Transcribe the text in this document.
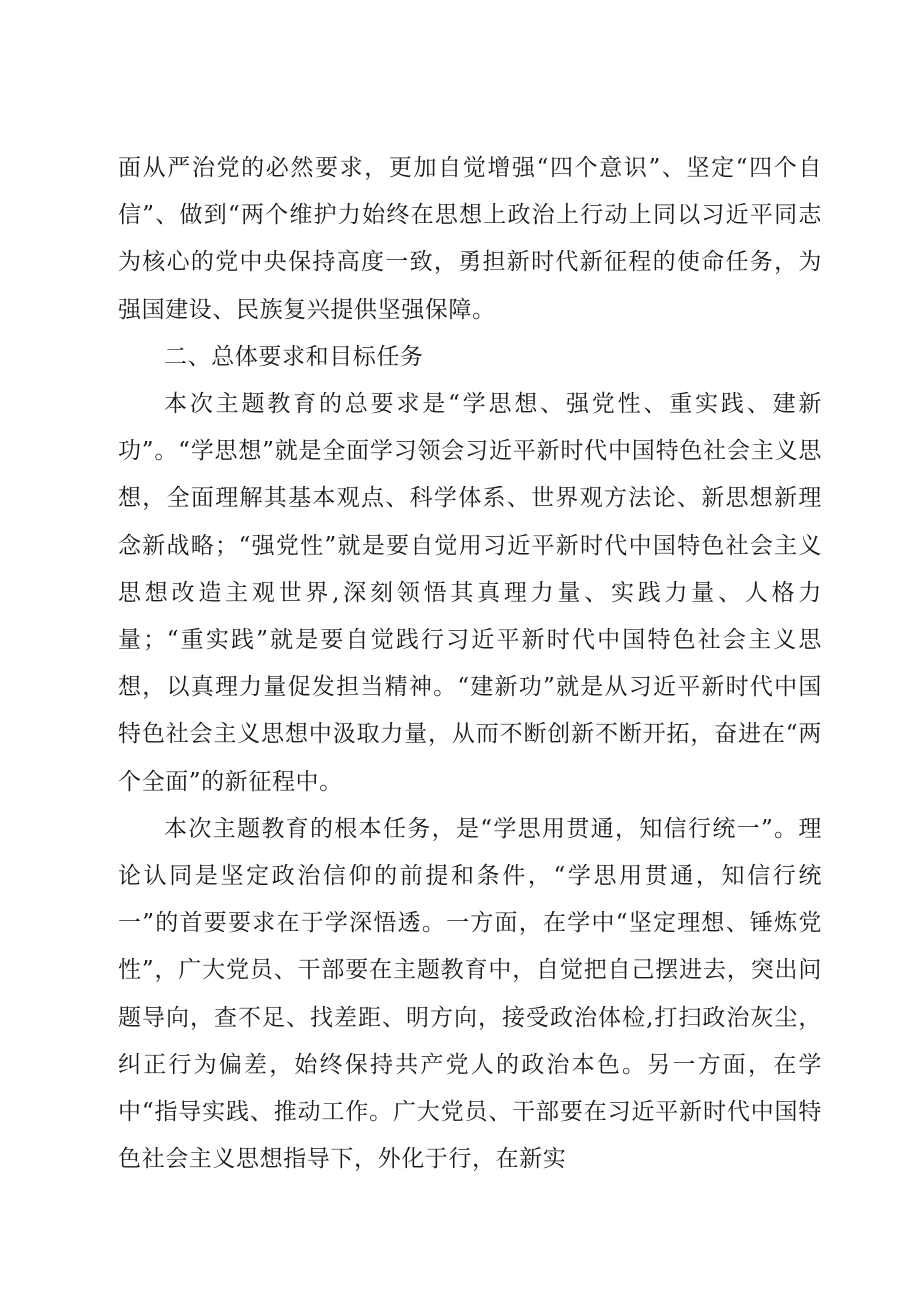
面从严治党的必然要求，更加自觉增强“四个意识”、坚定“四个自信”、做到“两个维护力始终在思想上政治上行动上同以习近平同志为核心的党中央保持高度一致，勇担新时代新征程的使命任务，为强国建设、民族复兴提供坚强保障。

二、总体要求和目标任务

本次主题教育的总要求是“学思想、强党性、重实践、建新功”。“学思想”就是全面学习领会习近平新时代中国特色社会主义思想，全面理解其基本观点、科学体系、世界观方法论、新思想新理念新战略；“强党性”就是要自觉用习近平新时代中国特色社会主义思想改造主观世界,深刻领悟其真理力量、实践力量、人格力量；“重实践”就是要自觉践行习近平新时代中国特色社会主义思想，以真理力量促发担当精神。“建新功”就是从习近平新时代中国特色社会主义思想中汲取力量，从而不断创新不断开拓，奋进在“两个全面”的新征程中。

本次主题教育的根本任务，是“学思用贯通，知信行统一”。理论认同是坚定政治信仰的前提和条件，“学思用贯通，知信行统一”的首要要求在于学深悟透。一方面，在学中“坚定理想、锤炼党性”，广大党员、干部要在主题教育中，自觉把自己摆进去，突出问题导向，查不足、找差距、明方向，接受政治体检,打扫政治灰尘，纠正行为偏差，始终保持共产党人的政治本色。另一方面，在学中“指导实践、推动工作。广大党员、干部要在习近平新时代中国特色社会主义思想指导下，外化于行，在新实
